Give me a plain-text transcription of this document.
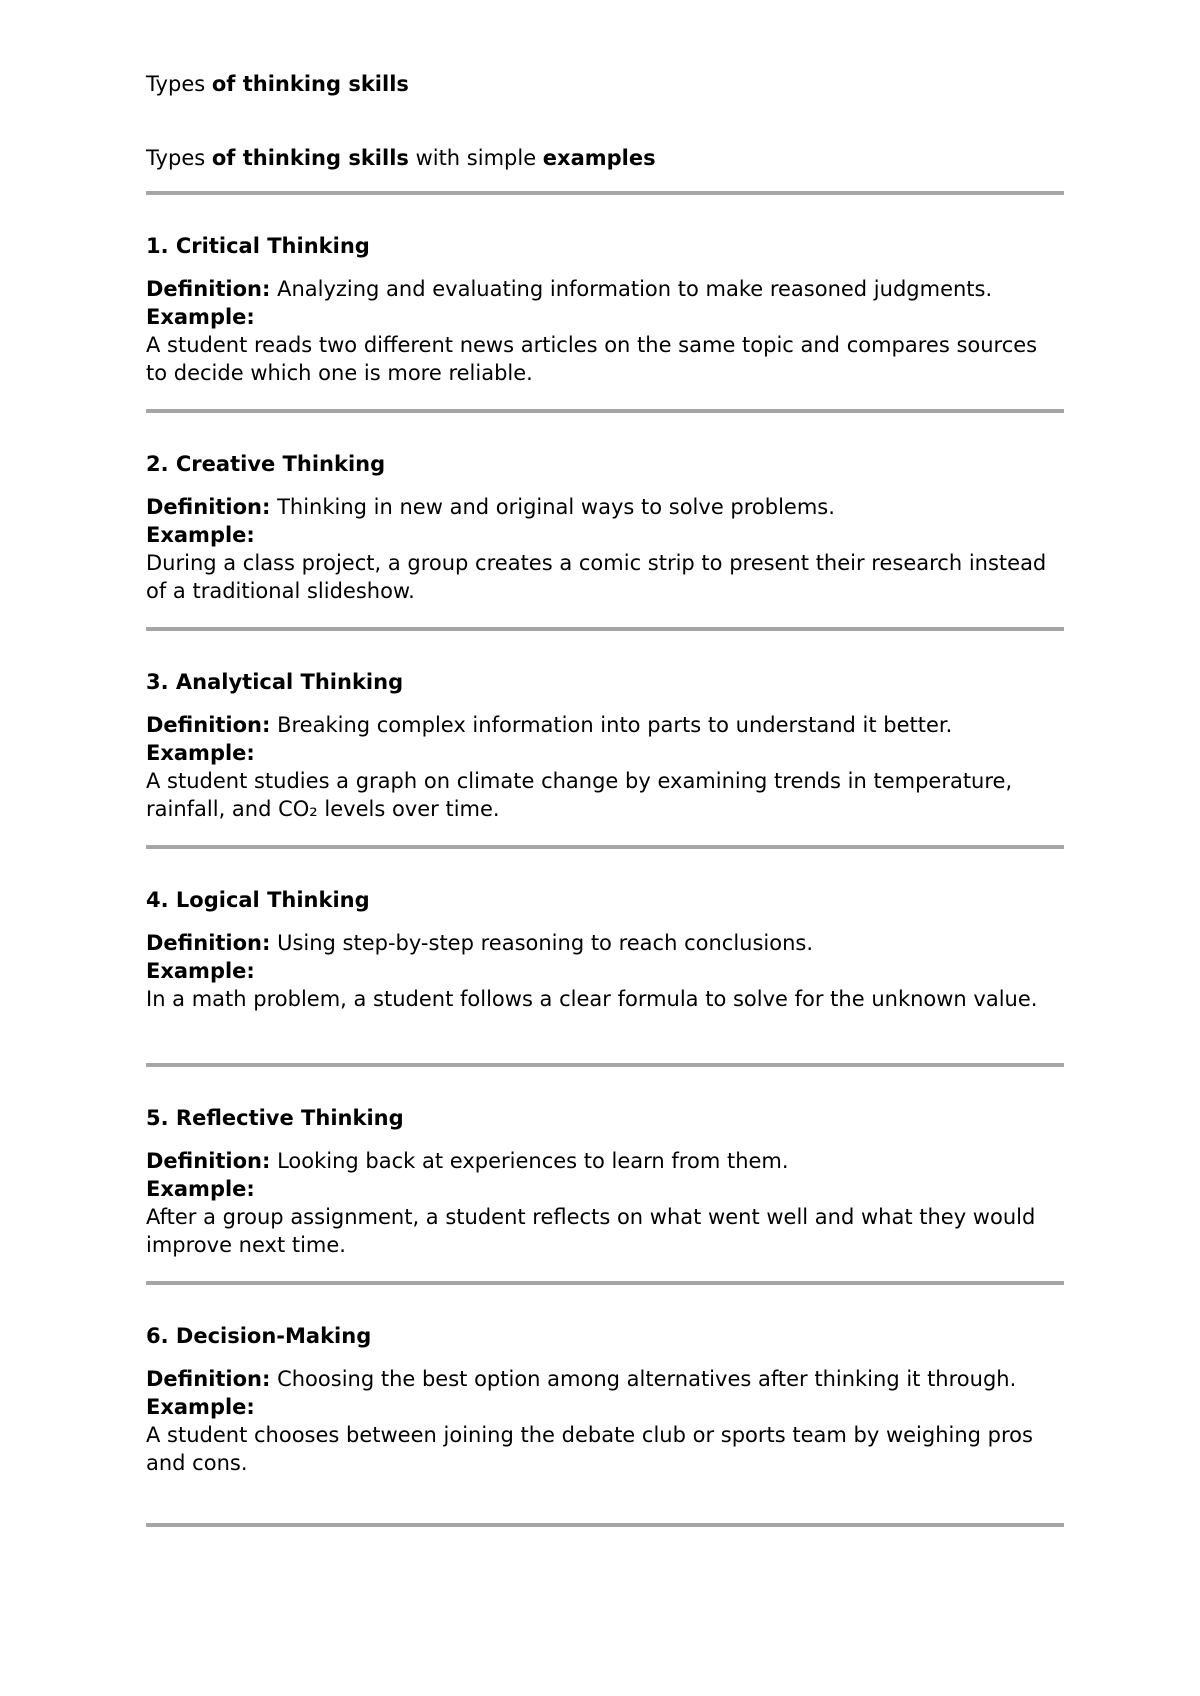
Types of thinking skills

Types of thinking skills with simple examples

1. Critical Thinking

Definition: Analyzing and evaluating information to make reasoned judgments.

Example:

A student reads two different news articles on the same topic and compares sources to decide which one is more reliable.

2. Creative Thinking

Definition: Thinking in new and original ways to solve problems.

Example:

During a class project, a group creates a comic strip to present their research instead of a traditional slideshow.

3. Analytical Thinking

Definition: Breaking complex information into parts to understand it better.

Example:

A student studies a graph on climate change by examining trends in temperature, rainfall, and CO₂ levels over time.

4. Logical Thinking

Definition: Using step-by-step reasoning to reach conclusions.

Example:

In a math problem, a student follows a clear formula to solve for the unknown value.

5. Reflective Thinking

Definition: Looking back at experiences to learn from them.

Example:

After a group assignment, a student reflects on what went well and what they would improve next time.

6. Decision-Making

Definition: Choosing the best option among alternatives after thinking it through.

Example:

A student chooses between joining the debate club or sports team by weighing pros and cons.
